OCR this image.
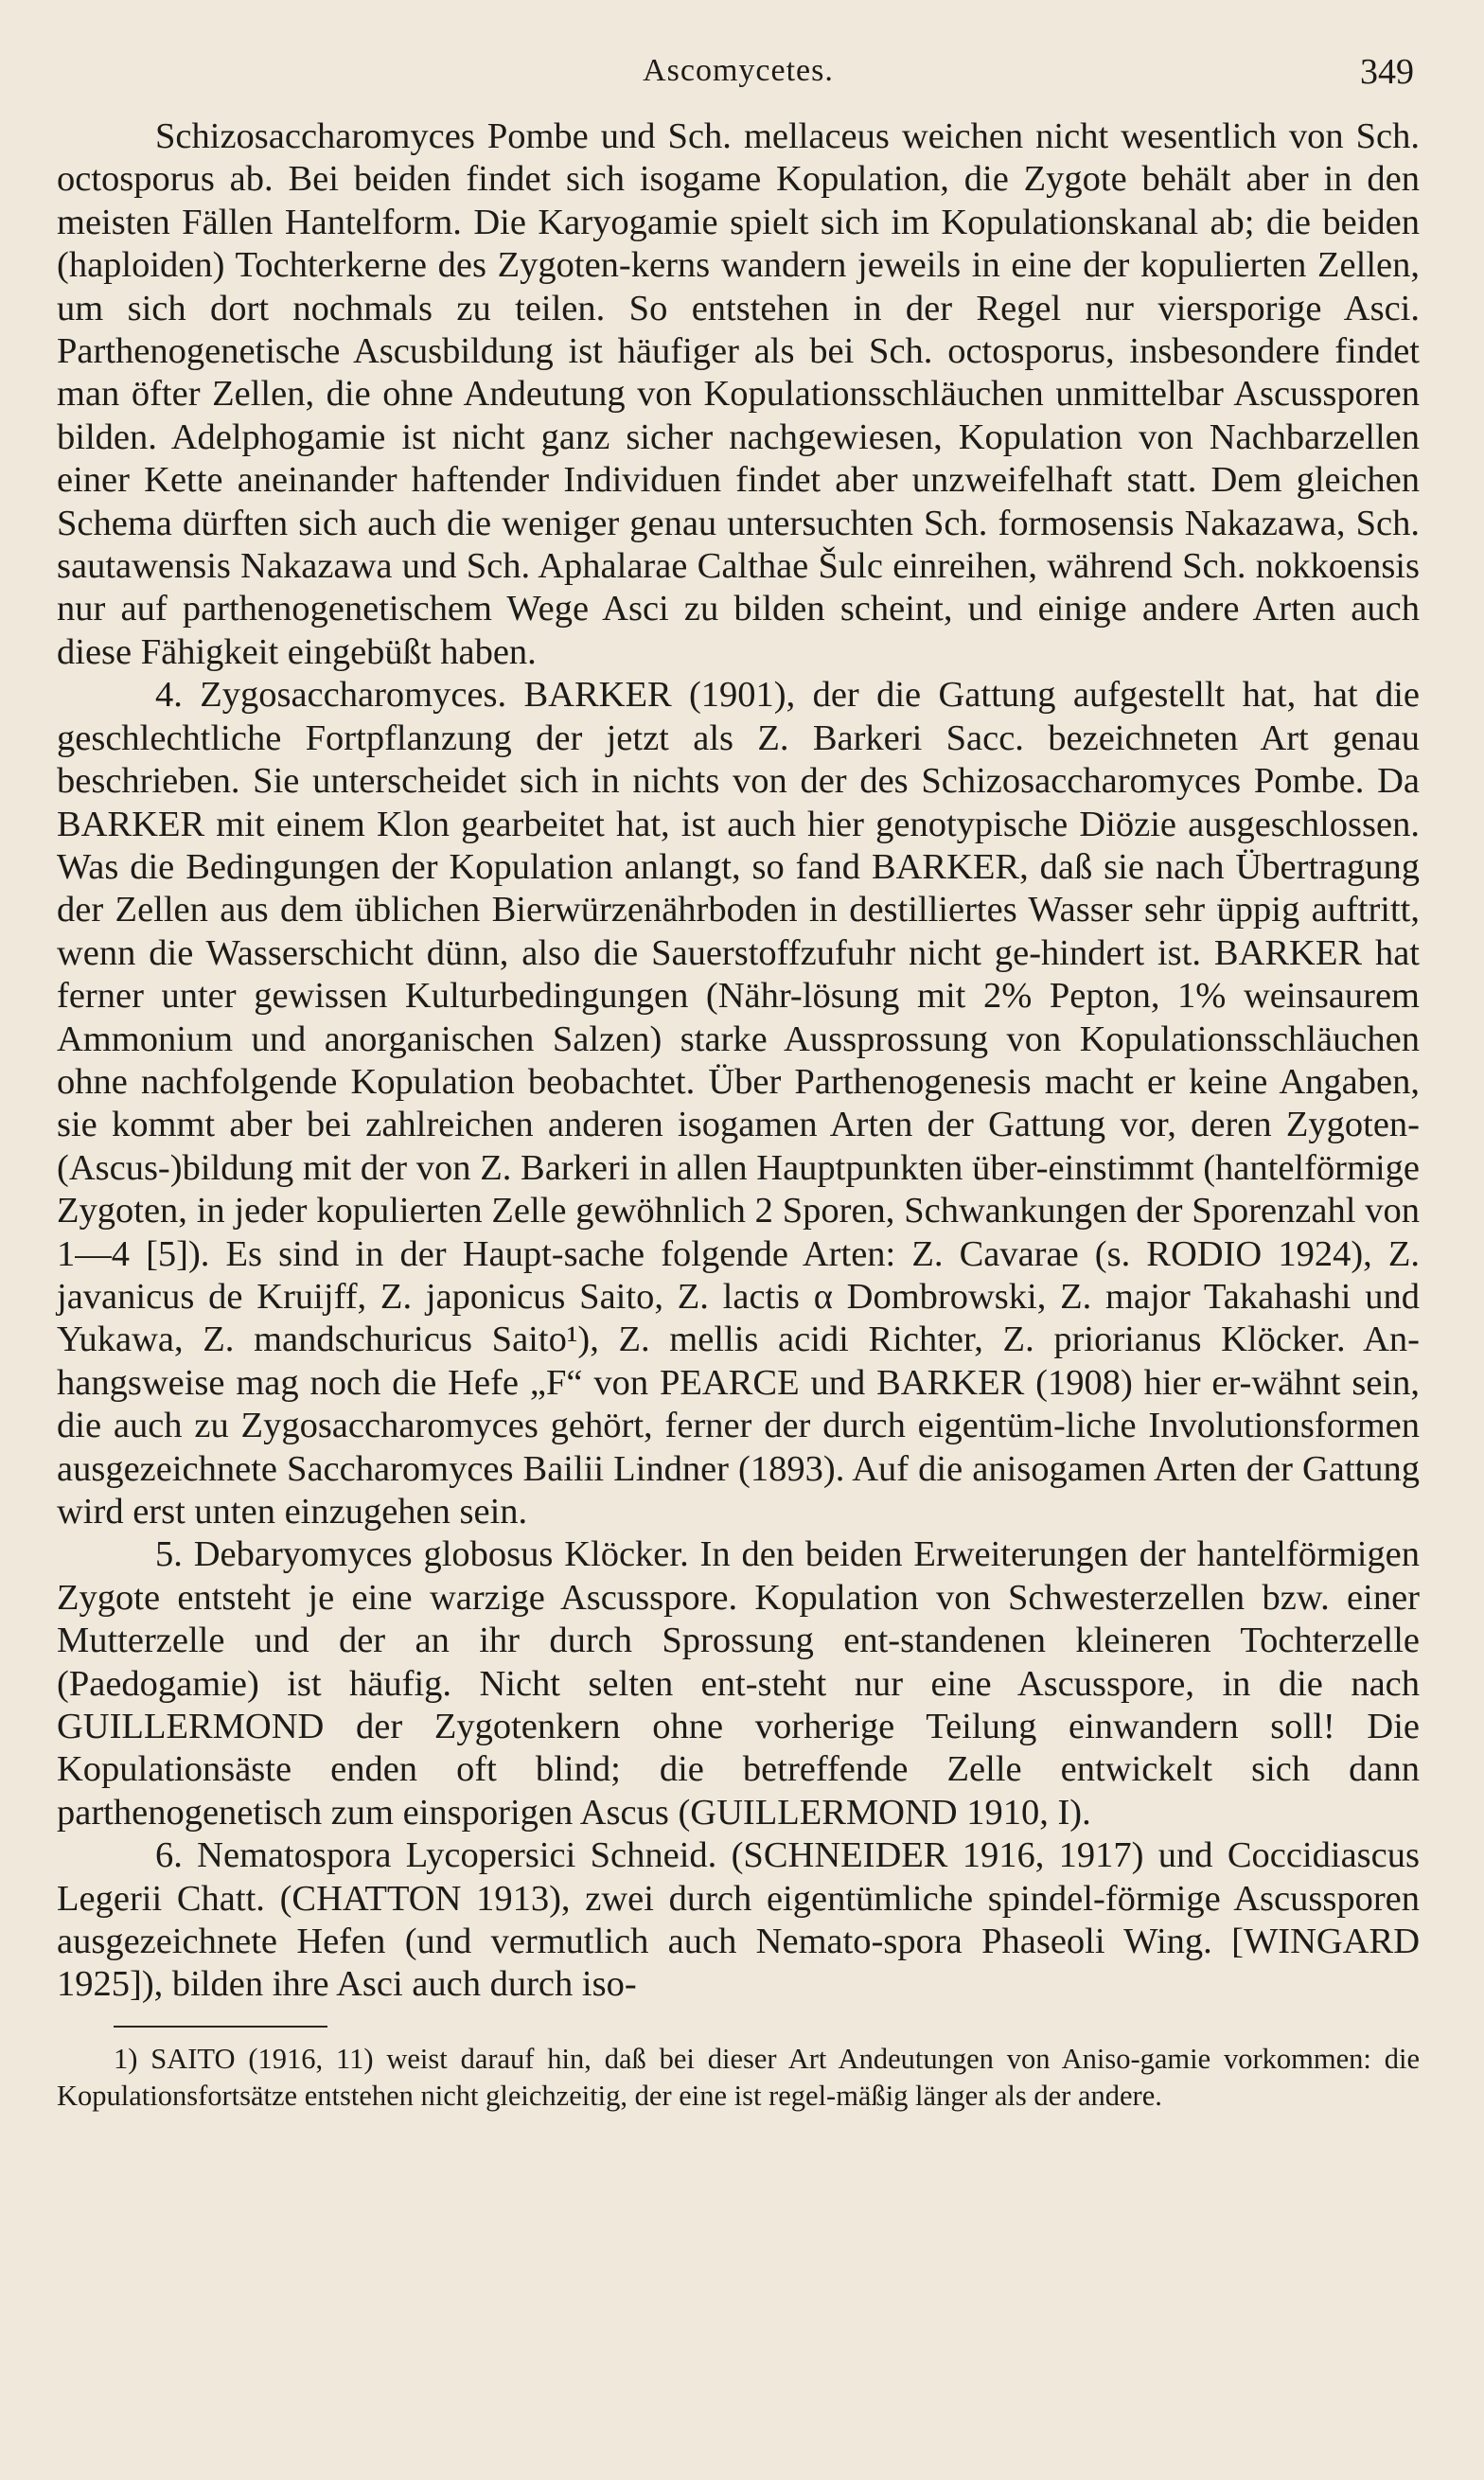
Ascomycetes.	349

Schizosaccharomyces Pombe und Sch. mellaceus weichen nicht wesentlich von Sch. octosporus ab. Bei beiden findet sich isogame Kopulation, die Zygote behält aber in den meisten Fällen Hantelform. Die Karyogamie spielt sich im Kopulationskanal ab; die beiden (haploiden) Tochterkerne des Zygoten-kerns wandern jeweils in eine der kopulierten Zellen, um sich dort nochmals zu teilen. So entstehen in der Regel nur viersporige Asci. Parthenogenetische Ascusbildung ist häufiger als bei Sch. octosporus, insbesondere findet man öfter Zellen, die ohne Andeutung von Kopulationsschläuchen unmittelbar Ascussporen bilden. Adelphogamie ist nicht ganz sicher nachgewiesen, Kopulation von Nachbarzellen einer Kette aneinander haftender Individuen findet aber unzweifelhaft statt. Dem gleichen Schema dürften sich auch die weniger genau untersuchten Sch. formosensis Nakazawa, Sch. sautawensis Nakazawa und Sch. Aphalarae Calthae Šulc einreihen, während Sch. nokkoensis nur auf parthenogenetischem Wege Asci zu bilden scheint, und einige andere Arten auch diese Fähigkeit eingebüßt haben.

4. Zygosaccharomyces. BARKER (1901), der die Gattung aufgestellt hat, hat die geschlechtliche Fortpflanzung der jetzt als Z. Barkeri Sacc. bezeichneten Art genau beschrieben. Sie unterscheidet sich in nichts von der des Schizosaccharomyces Pombe. Da BARKER mit einem Klon gearbeitet hat, ist auch hier genotypische Diözie ausgeschlossen. Was die Bedingungen der Kopulation anlangt, so fand BARKER, daß sie nach Übertragung der Zellen aus dem üblichen Bierwürzenährboden in destilliertes Wasser sehr üppig auftritt, wenn die Wasserschicht dünn, also die Sauerstoffzufuhr nicht ge-hindert ist. BARKER hat ferner unter gewissen Kulturbedingungen (Nähr-lösung mit 2% Pepton, 1% weinsaurem Ammonium und anorganischen Salzen) starke Aussprossung von Kopulationsschläuchen ohne nachfolgende Kopulation beobachtet. Über Parthenogenesis macht er keine Angaben, sie kommt aber bei zahlreichen anderen isogamen Arten der Gattung vor, deren Zygoten-(Ascus-)bildung mit der von Z. Barkeri in allen Hauptpunkten über-einstimmt (hantelförmige Zygoten, in jeder kopulierten Zelle gewöhnlich 2 Sporen, Schwankungen der Sporenzahl von 1—4 [5]). Es sind in der Haupt-sache folgende Arten: Z. Cavarae (s. RODIO 1924), Z. javanicus de Kruijff, Z. japonicus Saito, Z. lactis α Dombrowski, Z. major Takahashi und Yukawa, Z. mandschuricus Saito¹), Z. mellis acidi Richter, Z. priorianus Klöcker. An-hangsweise mag noch die Hefe „F“ von PEARCE und BARKER (1908) hier er-wähnt sein, die auch zu Zygosaccharomyces gehört, ferner der durch eigentüm-liche Involutionsformen ausgezeichnete Saccharomyces Bailii Lindner (1893). Auf die anisogamen Arten der Gattung wird erst unten einzugehen sein.

5. Debaryomyces globosus Klöcker. In den beiden Erweiterungen der hantelförmigen Zygote entsteht je eine warzige Ascusspore. Kopulation von Schwesterzellen bzw. einer Mutterzelle und der an ihr durch Sprossung ent-standenen kleineren Tochterzelle (Paedogamie) ist häufig. Nicht selten ent-steht nur eine Ascusspore, in die nach GUILLERMOND der Zygotenkern ohne vorherige Teilung einwandern soll! Die Kopulationsäste enden oft blind; die betreffende Zelle entwickelt sich dann parthenogenetisch zum einsporigen Ascus (GUILLERMOND 1910, I).

6. Nematospora Lycopersici Schneid. (SCHNEIDER 1916, 1917) und Coccidiascus Legerii Chatt. (CHATTON 1913), zwei durch eigentümliche spindel-förmige Ascussporen ausgezeichnete Hefen (und vermutlich auch Nemato-spora Phaseoli Wing. [WINGARD 1925]), bilden ihre Asci auch durch iso-

1) SAITO (1916, 11) weist darauf hin, daß bei dieser Art Andeutungen von Aniso-gamie vorkommen: die Kopulationsfortsätze entstehen nicht gleichzeitig, der eine ist regel-mäßig länger als der andere.
